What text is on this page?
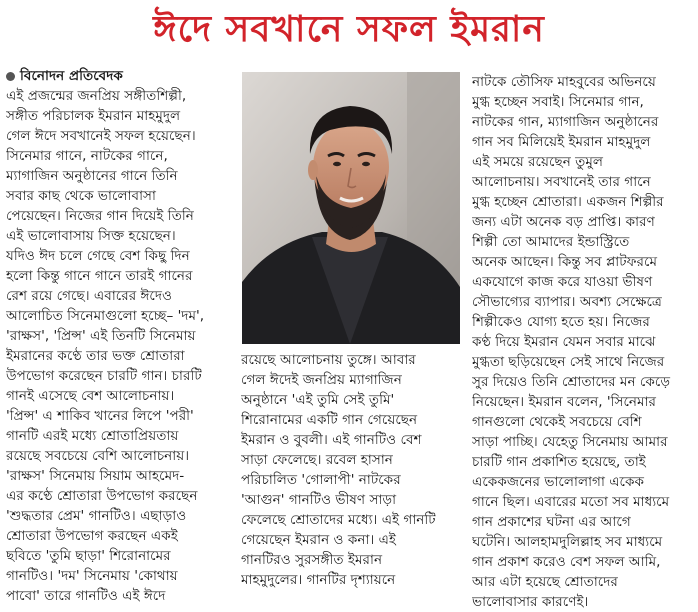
ঈদে সবখানে সফল ইমরান
বিনোদন প্রতিবেদক
এই প্রজন্মের জনপ্রিয় সঙ্গীতশিল্পী,
সঙ্গীত পরিচালক ইমরান মাহমুদুল
গেল ঈদে সবখানেই সফল হয়েছেন।
সিনেমার গানে, নাটকের গানে,
ম্যাগাজিন অনুষ্ঠানের গানে তিনি
সবার কাছ থেকে ভালোবাসা
পেয়েছেন। নিজের গান দিয়েই তিনি
এই ভালোবাসায় সিক্ত হয়েছেন।
যদিও ঈদ চলে গেছে বেশ কিছু দিন
হলো কিন্তু গানে গানে তারই গানের
রেশ রয়ে গেছে। এবারের ঈদেও
আলোচিত সিনেমাগুলো হচ্ছে– 'দম',
'রাক্ষস', 'প্রিন্স' এই তিনটি সিনেমায়
ইমরানের কণ্ঠে তার ভক্ত শ্রোতারা
উপভোগ করেছেন চারটি গান। চারটি
গানই এসেছে বেশ আলোচনায়।
'প্রিন্স' এ শাকিব খানের লিপে 'পরী'
গানটি এরই মধ্যে শ্রোতাপ্রিয়তায়
রয়েছে সবচেয়ে বেশি আলোচনায়।
'রাক্ষস' সিনেমায় সিয়াম আহমেদ-
এর কণ্ঠে শ্রোতারা উপভোগ করছেন
'শুদ্ধতার প্রেম' গানটিও। এছাড়াও
শ্রোতারা উপভোগ করছেন একই
ছবিতে 'তুমি ছাড়া' শিরোনামের
গানটিও। 'দম' সিনেমায় 'কোথায়
পাবো' তারে গানটিও এই ঈদে
রয়েছে আলোচনায় তুঙ্গে। আবার
গেল ঈদেই জনপ্রিয় ম্যাগাজিন
অনুষ্ঠানে 'এই তুমি সেই তুমি'
শিরোনামের একটি গান গেয়েছেন
ইমরান ও বুবলী। এই গানটিও বেশ
সাড়া ফেলেছে। রবেল হাসান
পরিচালিত 'গোলাপী' নাটকের
'আগুন' গানটিও ভীষণ সাড়া
ফেলেছে শ্রোতাদের মধ্যে। এই গানটি
গেয়েছেন ইমরান ও কনা। এই
গানটিরও সুরসঙ্গীত ইমরান
মাহমুদুলের। গানটির দৃশ্যায়নে
নাটকে তৌসিফ মাহবুবের অভিনয়ে
মুগ্ধ হচ্ছেন সবাই। সিনেমার গান,
নাটকের গান, ম্যাগাজিন অনুষ্ঠানের
গান সব মিলিয়েই ইমরান মাহমুদুল
এই সময়ে রয়েছেন তুমুল
আলোচনায়। সবখানেই তার গানে
মুগ্ধ হচ্ছেন শ্রোতারা। একজন শিল্পীর
জন্য এটা অনেক বড় প্রাপ্তি। কারণ
শিল্পী তো আমাদের ইন্ডাস্ট্রিতে
অনেক আছেন। কিন্তু সব প্লাটফরমে
একযোগে কাজ করে যাওয়া ভীষণ
সৌভাগ্যের ব্যাপার। অবশ্য সেক্ষেত্রে
শিল্পীকেও যোগ্য হতে হয়। নিজের
কণ্ঠ দিয়ে ইমরান যেমন সবার মাঝে
মুগ্ধতা ছড়িয়েছেন সেই সাথে নিজের
সুর দিয়েও তিনি শ্রোতাদের মন কেড়ে
নিয়েছেন। ইমরান বলেন, 'সিনেমার
গানগুলো থেকেই সবচেয়ে বেশি
সাড়া পাচ্ছি। যেহেতু সিনেমায় আমার
চারটি গান প্রকাশিত হয়েছে, তাই
একেকজনের ভালোলাগা একেক
গানে ছিল। এবারের মতো সব মাধ্যমে
গান প্রকাশের ঘটনা এর আগে
ঘটেনি। আলহামদুলিল্লাহ সব মাধ্যমে
গান প্রকাশ করেও বেশ সফল আমি,
আর এটা হয়েছে শ্রোতাদের
ভালোবাসার কারণেই।
